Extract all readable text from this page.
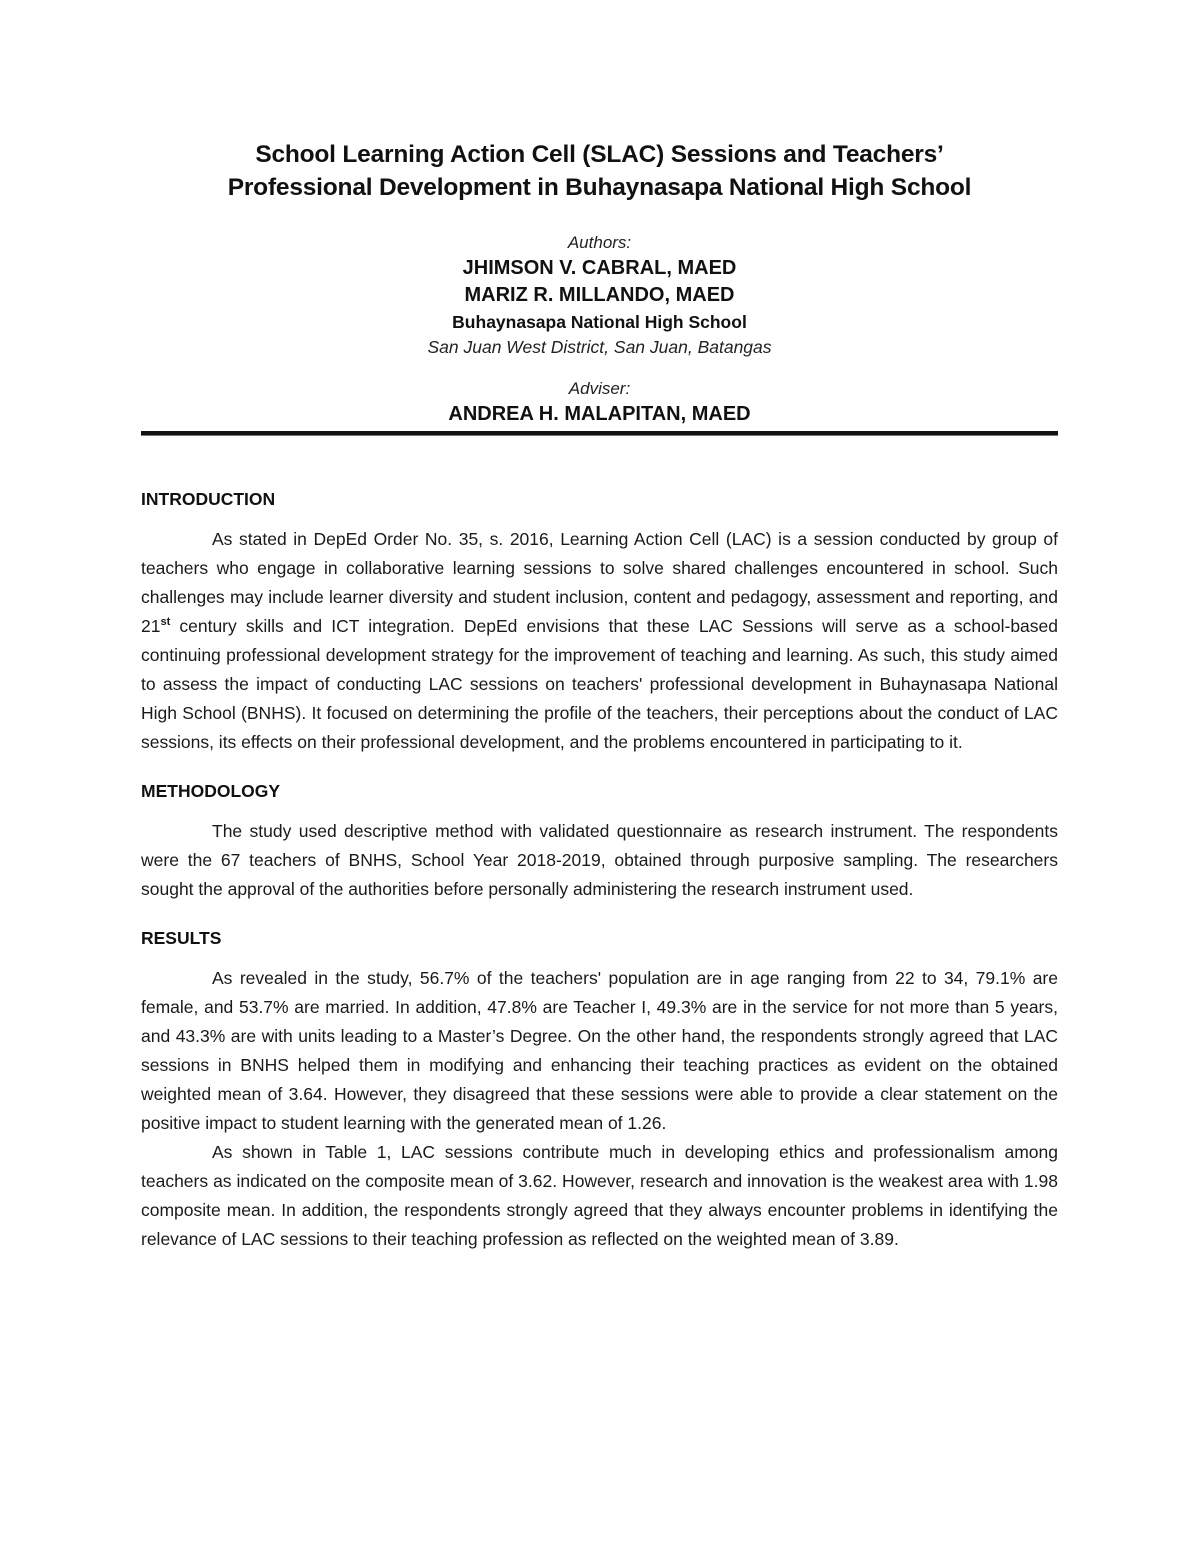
School Learning Action Cell (SLAC) Sessions and Teachers’

Professional Development in Buhaynasapa National High School

Authors:
JHIMSON V. CABRAL, MAED
MARIZ R. MILLANDO, MAED
Buhaynasapa National High School
San Juan West District, San Juan, Batangas
Adviser:
ANDREA H. MALAPITAN, MAED
INTRODUCTION

As stated in DepEd Order No. 35, s. 2016, Learning Action Cell (LAC) is a session conducted by group of teachers who engage in collaborative learning sessions to solve shared challenges encountered in school. Such challenges may include learner diversity and student inclusion, content and pedagogy, assessment and reporting, and 21st century skills and ICT integration. DepEd envisions that these LAC Sessions will serve as a school-based continuing professional development strategy for the improvement of teaching and learning. As such, this study aimed to assess the impact of conducting LAC sessions on teachers' professional development in Buhaynasapa National High School (BNHS). It focused on determining the profile of the teachers, their perceptions about the conduct of LAC sessions, its effects on their professional development, and the problems encountered in participating to it.

METHODOLOGY

The study used descriptive method with validated questionnaire as research instrument. The respondents were the 67 teachers of BNHS, School Year 2018-2019, obtained through purposive sampling. The researchers sought the approval of the authorities before personally administering the research instrument used.

RESULTS

As revealed in the study, 56.7% of the teachers' population are in age ranging from 22 to 34, 79.1% are female, and 53.7% are married. In addition, 47.8% are Teacher I, 49.3% are in the service for not more than 5 years, and 43.3% are with units leading to a Master’s Degree. On the other hand, the respondents strongly agreed that LAC sessions in BNHS helped them in modifying and enhancing their teaching practices as evident on the obtained weighted mean of 3.64. However, they disagreed that these sessions were able to provide a clear statement on the positive impact to student learning with the generated mean of 1.26.

As shown in Table 1, LAC sessions contribute much in developing ethics and professionalism among teachers as indicated on the composite mean of 3.62. However, research and innovation is the weakest area with 1.98 composite mean. In addition, the respondents strongly agreed that they always encounter problems in identifying the relevance of LAC sessions to their teaching profession as reflected on the weighted mean of 3.89.
